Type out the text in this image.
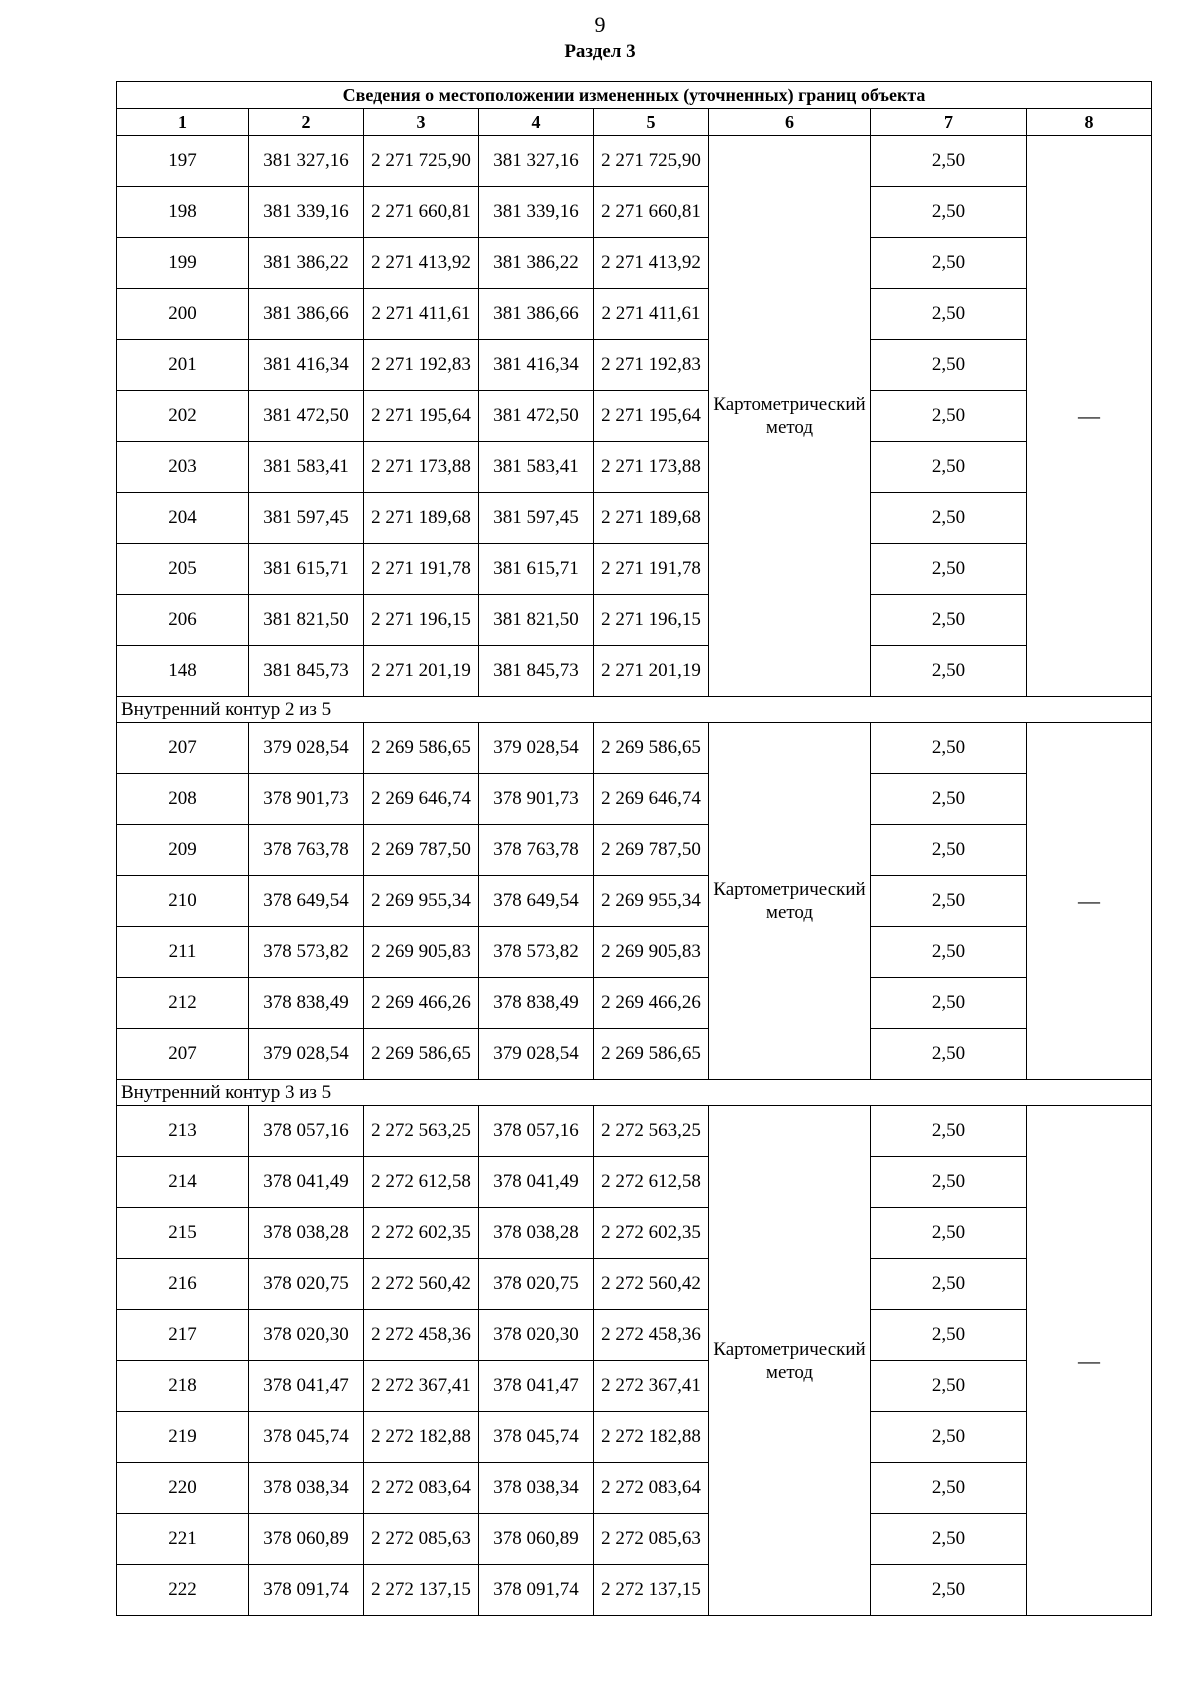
9
Раздел 3
Сведения о местоположении измененных (уточненных) границ объекта							
1	2	3	4	5	6	7	8
197	381 327,16	2 271 725,90	381 327,16	2 271 725,90	Картометрический метод	2,50	—
198	381 339,16	2 271 660,81	381 339,16	2 271 660,81		2,50	
199	381 386,22	2 271 413,92	381 386,22	2 271 413,92		2,50	
200	381 386,66	2 271 411,61	381 386,66	2 271 411,61		2,50	
201	381 416,34	2 271 192,83	381 416,34	2 271 192,83		2,50	
202	381 472,50	2 271 195,64	381 472,50	2 271 195,64		2,50	
203	381 583,41	2 271 173,88	381 583,41	2 271 173,88		2,50	
204	381 597,45	2 271 189,68	381 597,45	2 271 189,68		2,50	
205	381 615,71	2 271 191,78	381 615,71	2 271 191,78		2,50	
206	381 821,50	2 271 196,15	381 821,50	2 271 196,15		2,50	
148	381 845,73	2 271 201,19	381 845,73	2 271 201,19		2,50	
Внутренний контур 2 из 5							
207	379 028,54	2 269 586,65	379 028,54	2 269 586,65	Картометрический метод	2,50	—
208	378 901,73	2 269 646,74	378 901,73	2 269 646,74		2,50	
209	378 763,78	2 269 787,50	378 763,78	2 269 787,50		2,50	
210	378 649,54	2 269 955,34	378 649,54	2 269 955,34		2,50	
211	378 573,82	2 269 905,83	378 573,82	2 269 905,83		2,50	
212	378 838,49	2 269 466,26	378 838,49	2 269 466,26		2,50	
207	379 028,54	2 269 586,65	379 028,54	2 269 586,65		2,50	
Внутренний контур 3 из 5							
213	378 057,16	2 272 563,25	378 057,16	2 272 563,25	Картометрический метод	2,50	—
214	378 041,49	2 272 612,58	378 041,49	2 272 612,58		2,50	
215	378 038,28	2 272 602,35	378 038,28	2 272 602,35		2,50	
216	378 020,75	2 272 560,42	378 020,75	2 272 560,42		2,50	
217	378 020,30	2 272 458,36	378 020,30	2 272 458,36		2,50	
218	378 041,47	2 272 367,41	378 041,47	2 272 367,41		2,50	
219	378 045,74	2 272 182,88	378 045,74	2 272 182,88		2,50	
220	378 038,34	2 272 083,64	378 038,34	2 272 083,64		2,50	
221	378 060,89	2 272 085,63	378 060,89	2 272 085,63		2,50	
222	378 091,74	2 272 137,15	378 091,74	2 272 137,15		2,50	
